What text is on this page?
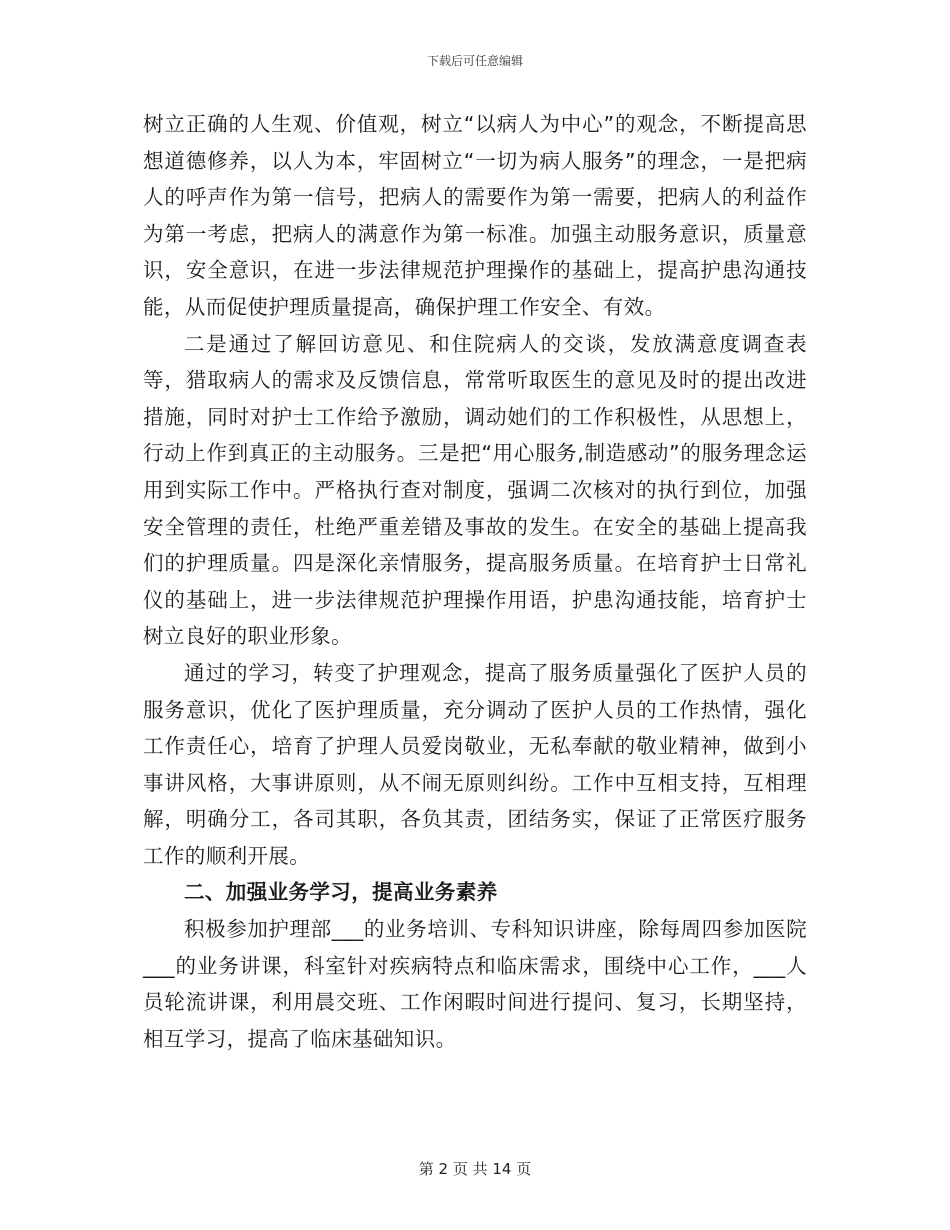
下载后可任意编辑

树立正确的人生观、价值观，树立“以病人为中心”的观念，不断提高思想道德修养，以人为本，牢固树立“一切为病人服务”的理念，一是把病人的呼声作为第一信号，把病人的需要作为第一需要，把病人的利益作为第一考虑，把病人的满意作为第一标准。加强主动服务意识，质量意识，安全意识，在进一步法律规范护理操作的基础上，提高护患沟通技能，从而促使护理质量提高，确保护理工作安全、有效。

二是通过了解回访意见、和住院病人的交谈，发放满意度调查表等，猎取病人的需求及反馈信息，常常听取医生的意见及时的提出改进措施，同时对护士工作给予激励，调动她们的工作积极性，从思想上，行动上作到真正的主动服务。三是把“用心服务,制造感动”的服务理念运用到实际工作中。严格执行查对制度，强调二次核对的执行到位，加强安全管理的责任，杜绝严重差错及事故的发生。在安全的基础上提高我们的护理质量。四是深化亲情服务，提高服务质量。在培育护士日常礼仪的基础上，进一步法律规范护理操作用语，护患沟通技能，培育护士树立良好的职业形象。

通过的学习，转变了护理观念，提高了服务质量强化了医护人员的服务意识，优化了医护理质量，充分调动了医护人员的工作热情，强化工作责任心，培育了护理人员爱岗敬业，无私奉献的敬业精神，做到小事讲风格，大事讲原则，从不闹无原则纠纷。工作中互相支持，互相理解，明确分工，各司其职，各负其责，团结务实，保证了正常医疗服务工作的顺利开展。

二、加强业务学习，提高业务素养

积极参加护理部___的业务培训、专科知识讲座，除每周四参加医院___的业务讲课，科室针对疾病特点和临床需求，围绕中心工作，___人员轮流讲课，利用晨交班、工作闲暇时间进行提问、复习，长期坚持，相互学习，提高了临床基础知识。

第 2 页 共 14 页
